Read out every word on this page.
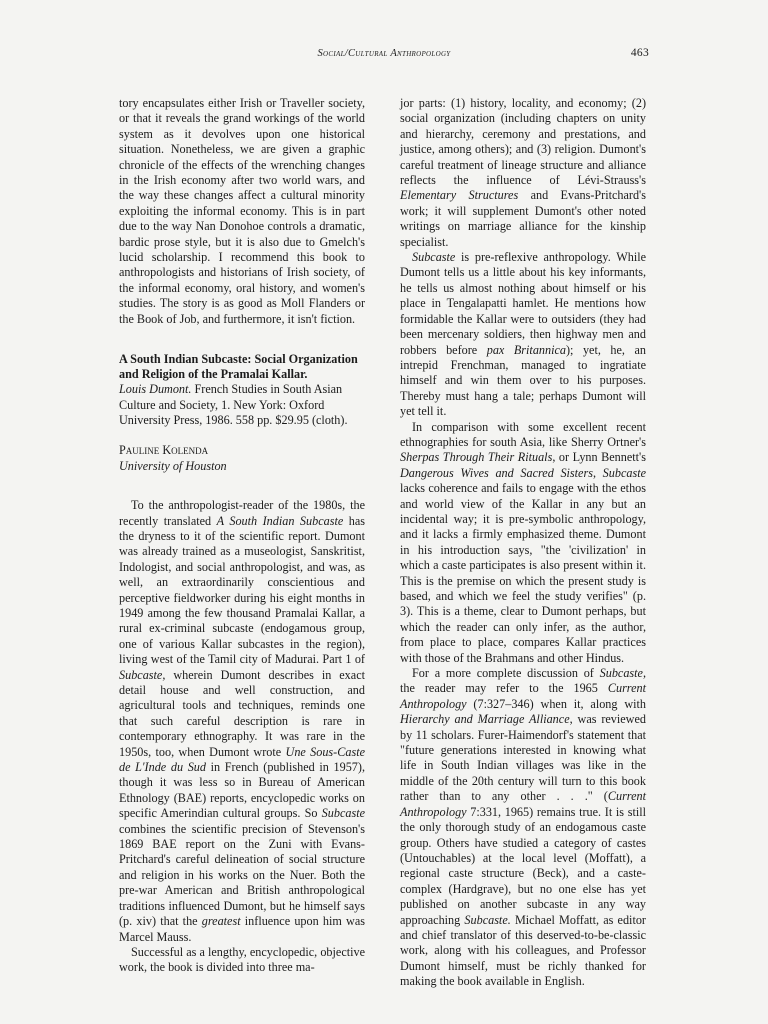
Social/Cultural Anthropology	463

tory encapsulates either Irish or Traveller society, or that it reveals the grand workings of the world system as it devolves upon one historical situation. Nonetheless, we are given a graphic chronicle of the effects of the wrenching changes in the Irish economy after two world wars, and the way these changes affect a cultural minority exploiting the informal economy. This is in part due to the way Nan Donohoe controls a dramatic, bardic prose style, but it is also due to Gmelch's lucid scholarship. I recommend this book to anthropologists and historians of Irish society, of the informal economy, oral history, and women's studies. The story is as good as Moll Flanders or the Book of Job, and furthermore, it isn't fiction.

A South Indian Subcaste: Social Organization and Religion of the Pramalai Kallar.

Louis Dumont. French Studies in South Asian Culture and Society, 1. New York: Oxford University Press, 1986. 558 pp. $29.95 (cloth).

Pauline Kolenda

University of Houston

To the anthropologist-reader of the 1980s, the recently translated A South Indian Subcaste has the dryness to it of the scientific report. Dumont was already trained as a museologist, Sanskritist, Indologist, and social anthropologist, and was, as well, an extraordinarily conscientious and perceptive fieldworker during his eight months in 1949 among the few thousand Pramalai Kallar, a rural ex-criminal subcaste (endogamous group, one of various Kallar subcastes in the region), living west of the Tamil city of Madurai. Part 1 of Subcaste, wherein Dumont describes in exact detail house and well construction, and agricultural tools and techniques, reminds one that such careful description is rare in contemporary ethnography. It was rare in the 1950s, too, when Dumont wrote Une Sous-Caste de L'Inde du Sud in French (published in 1957), though it was less so in Bureau of American Ethnology (BAE) reports, encyclopedic works on specific Amerindian cultural groups. So Subcaste combines the scientific precision of Stevenson's 1869 BAE report on the Zuni with Evans-Pritchard's careful delineation of social structure and religion in his works on the Nuer. Both the pre-war American and British anthropological traditions influenced Dumont, but he himself says (p. xiv) that the greatest influence upon him was Marcel Mauss.

Successful as a lengthy, encyclopedic, objective work, the book is divided into three ma-

jor parts: (1) history, locality, and economy; (2) social organization (including chapters on unity and hierarchy, ceremony and prestations, and justice, among others); and (3) religion. Dumont's careful treatment of lineage structure and alliance reflects the influence of Lévi-Strauss's Elementary Structures and Evans-Pritchard's work; it will supplement Dumont's other noted writings on marriage alliance for the kinship specialist.

Subcaste is pre-reflexive anthropology. While Dumont tells us a little about his key informants, he tells us almost nothing about himself or his place in Tengalapatti hamlet. He mentions how formidable the Kallar were to outsiders (they had been mercenary soldiers, then highway men and robbers before pax Britannica); yet, he, an intrepid Frenchman, managed to ingratiate himself and win them over to his purposes. Thereby must hang a tale; perhaps Dumont will yet tell it.

In comparison with some excellent recent ethnographies for south Asia, like Sherry Ortner's Sherpas Through Their Rituals, or Lynn Bennett's Dangerous Wives and Sacred Sisters, Subcaste lacks coherence and fails to engage with the ethos and world view of the Kallar in any but an incidental way; it is pre-symbolic anthropology, and it lacks a firmly emphasized theme. Dumont in his introduction says, "the 'civilization' in which a caste participates is also present within it. This is the premise on which the present study is based, and which we feel the study verifies" (p. 3). This is a theme, clear to Dumont perhaps, but which the reader can only infer, as the author, from place to place, compares Kallar practices with those of the Brahmans and other Hindus.

For a more complete discussion of Subcaste, the reader may refer to the 1965 Current Anthropology (7:327–346) when it, along with Hierarchy and Marriage Alliance, was reviewed by 11 scholars. Furer-Haimendorf's statement that "future generations interested in knowing what life in South Indian villages was like in the middle of the 20th century will turn to this book rather than to any other . . ." (Current Anthropology 7:331, 1965) remains true. It is still the only thorough study of an endogamous caste group. Others have studied a category of castes (Untouchables) at the local level (Moffatt), a regional caste structure (Beck), and a caste-complex (Hardgrave), but no one else has yet published on another subcaste in any way approaching Subcaste. Michael Moffatt, as editor and chief translator of this deserved-to-be-classic work, along with his colleagues, and Professor Dumont himself, must be richly thanked for making the book available in English.
